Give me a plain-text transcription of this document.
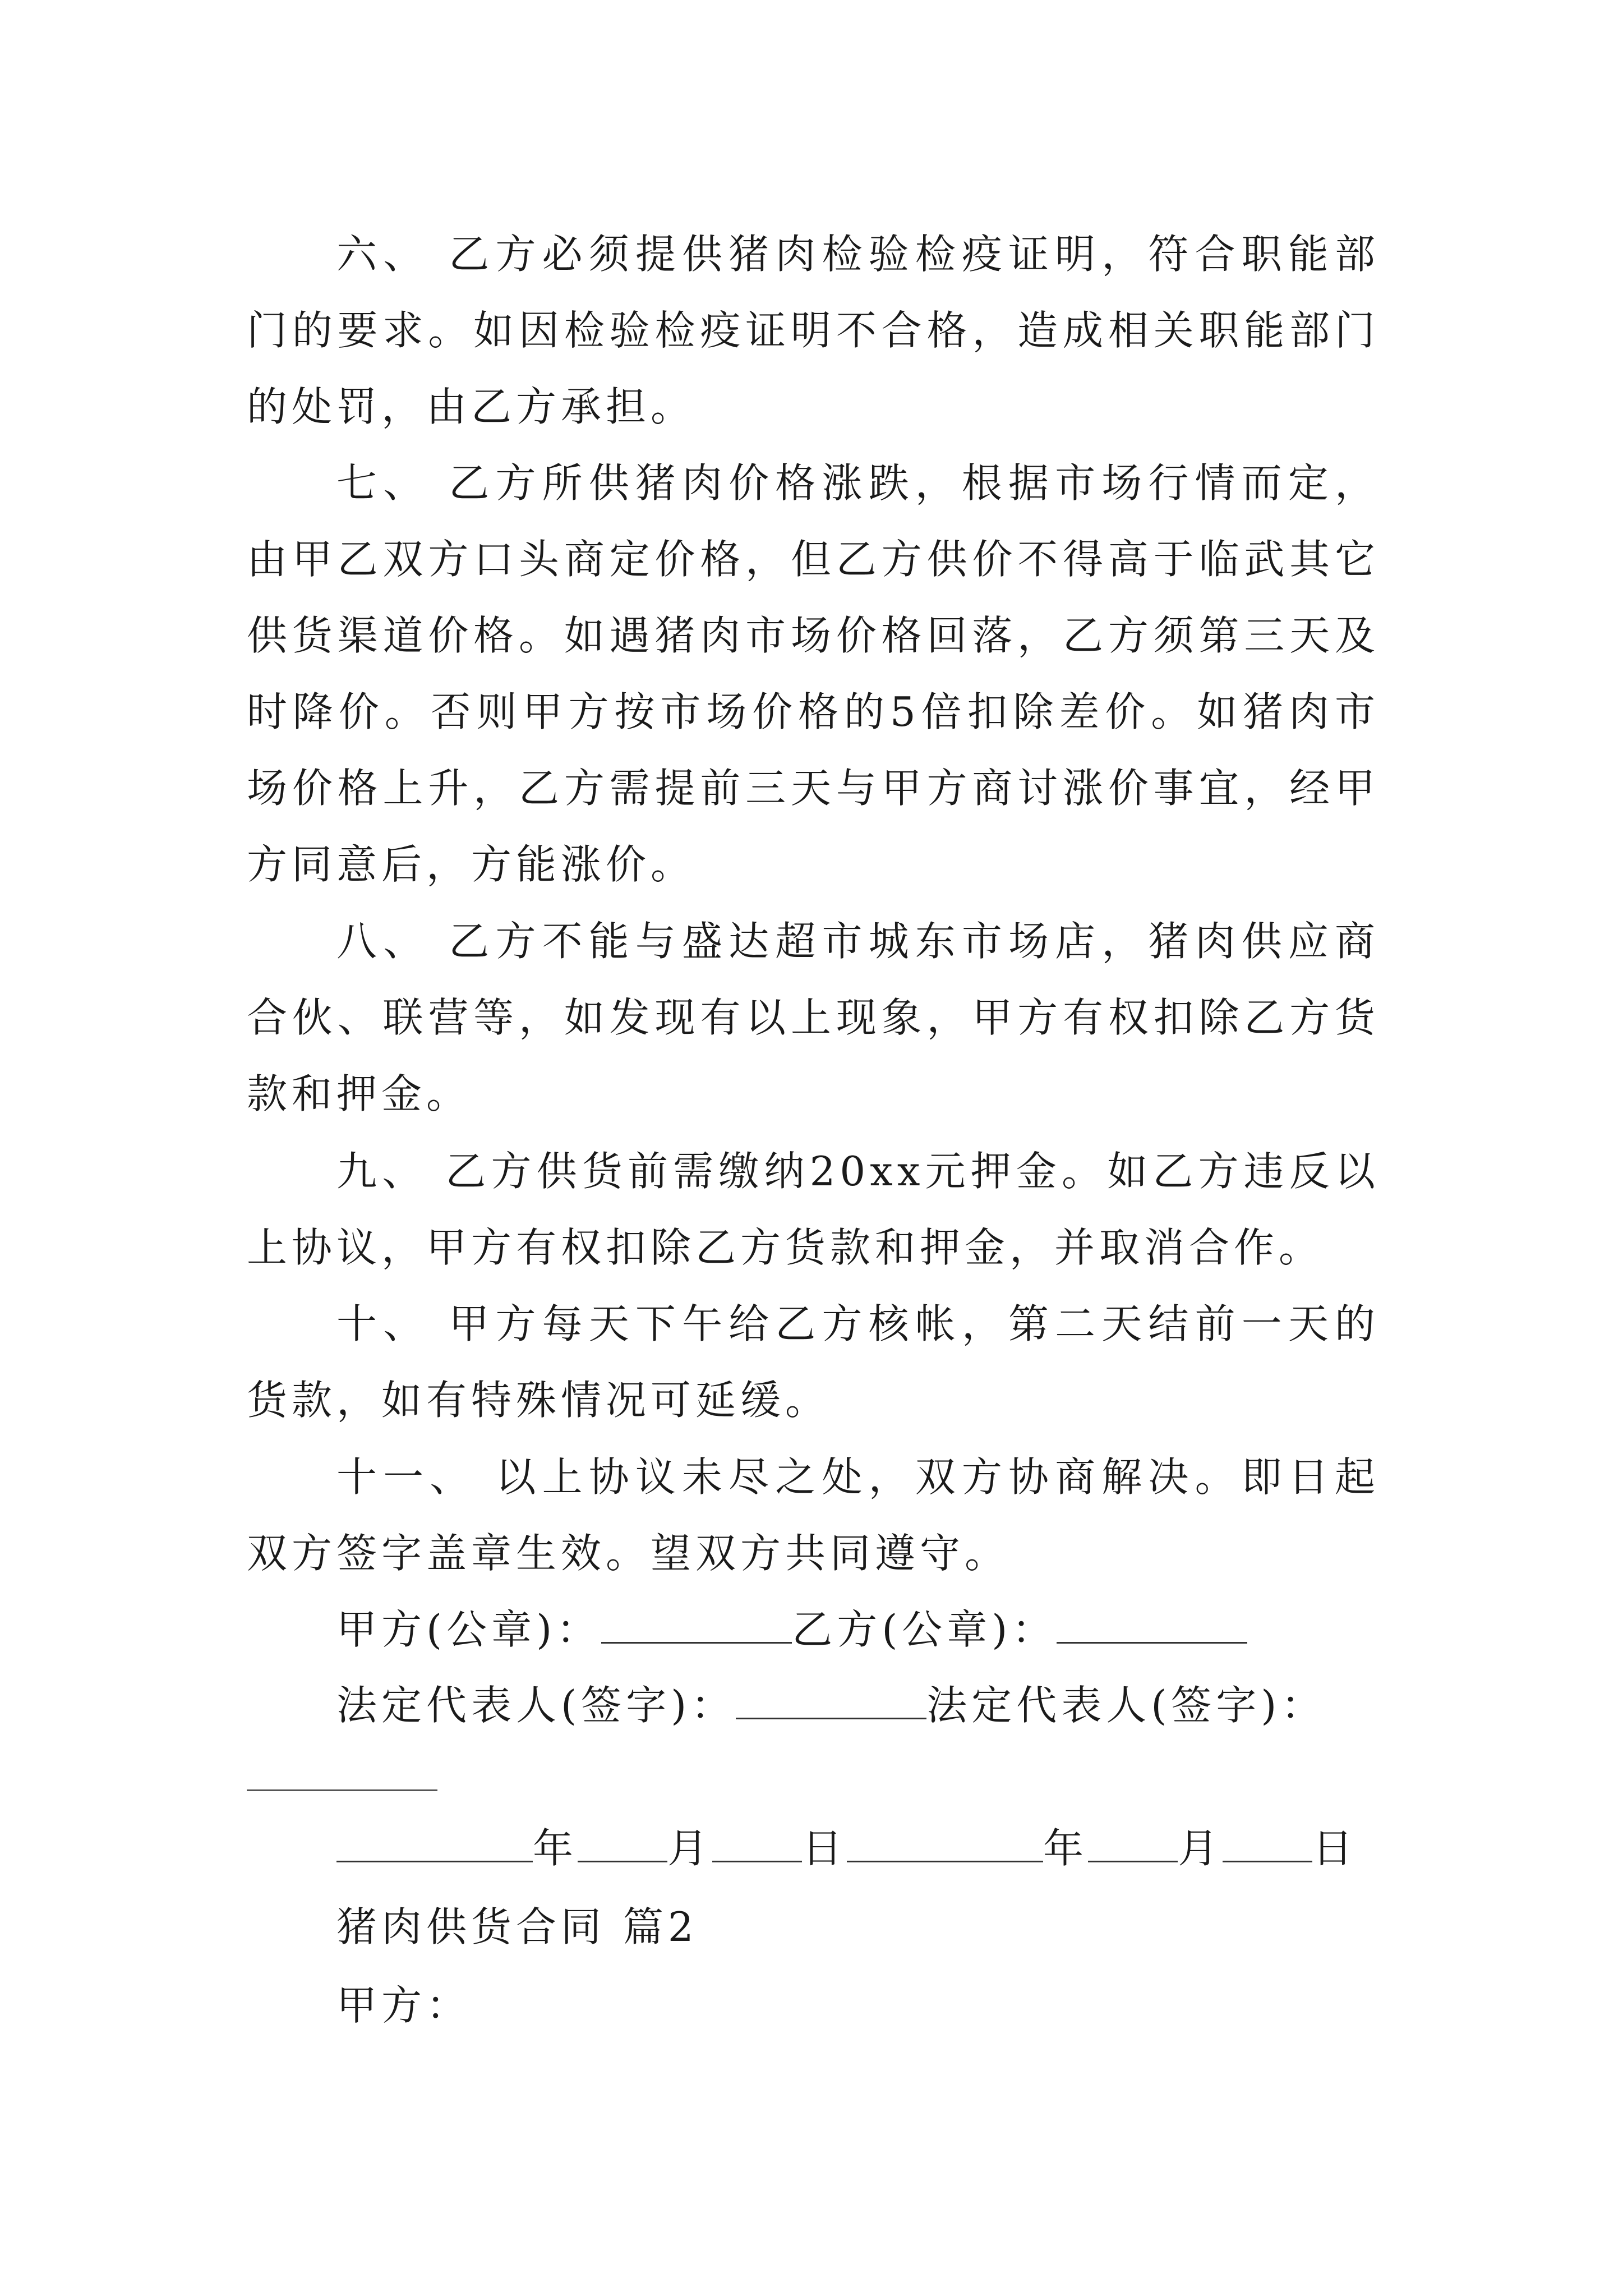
六、 乙方必须提供猪肉检验检疫证明，符合职能部门的要求。如因检验检疫证明不合格，造成相关职能部门的处罚，由乙方承担。

七、 乙方所供猪肉价格涨跌，根据市场行情而定，由甲乙双方口头商定价格，但乙方供价不得高于临武其它供货渠道价格。如遇猪肉市场价格回落，乙方须第三天及时降价。否则甲方按市场价格的5倍扣除差价。如猪肉市场价格上升，乙方需提前三天与甲方商讨涨价事宜，经甲方同意后，方能涨价。

八、 乙方不能与盛达超市城东市场店，猪肉供应商合伙、联营等，如发现有以上现象，甲方有权扣除乙方货款和押金。

九、 乙方供货前需缴纳20xx元押金。如乙方违反以上协议，甲方有权扣除乙方货款和押金，并取消合作。

十、 甲方每天下午给乙方核帐，第二天结前一天的货款，如有特殊情况可延缓。

十一、 以上协议未尽之处，双方协商解决。即日起双方签字盖章生效。望双方共同遵守。

甲方(公章)：	乙方(公章)：
法定代表人(签字)：	法定代表人(签字)：
年 月 日	年 月 日
猪肉供货合同 篇2
甲方：
